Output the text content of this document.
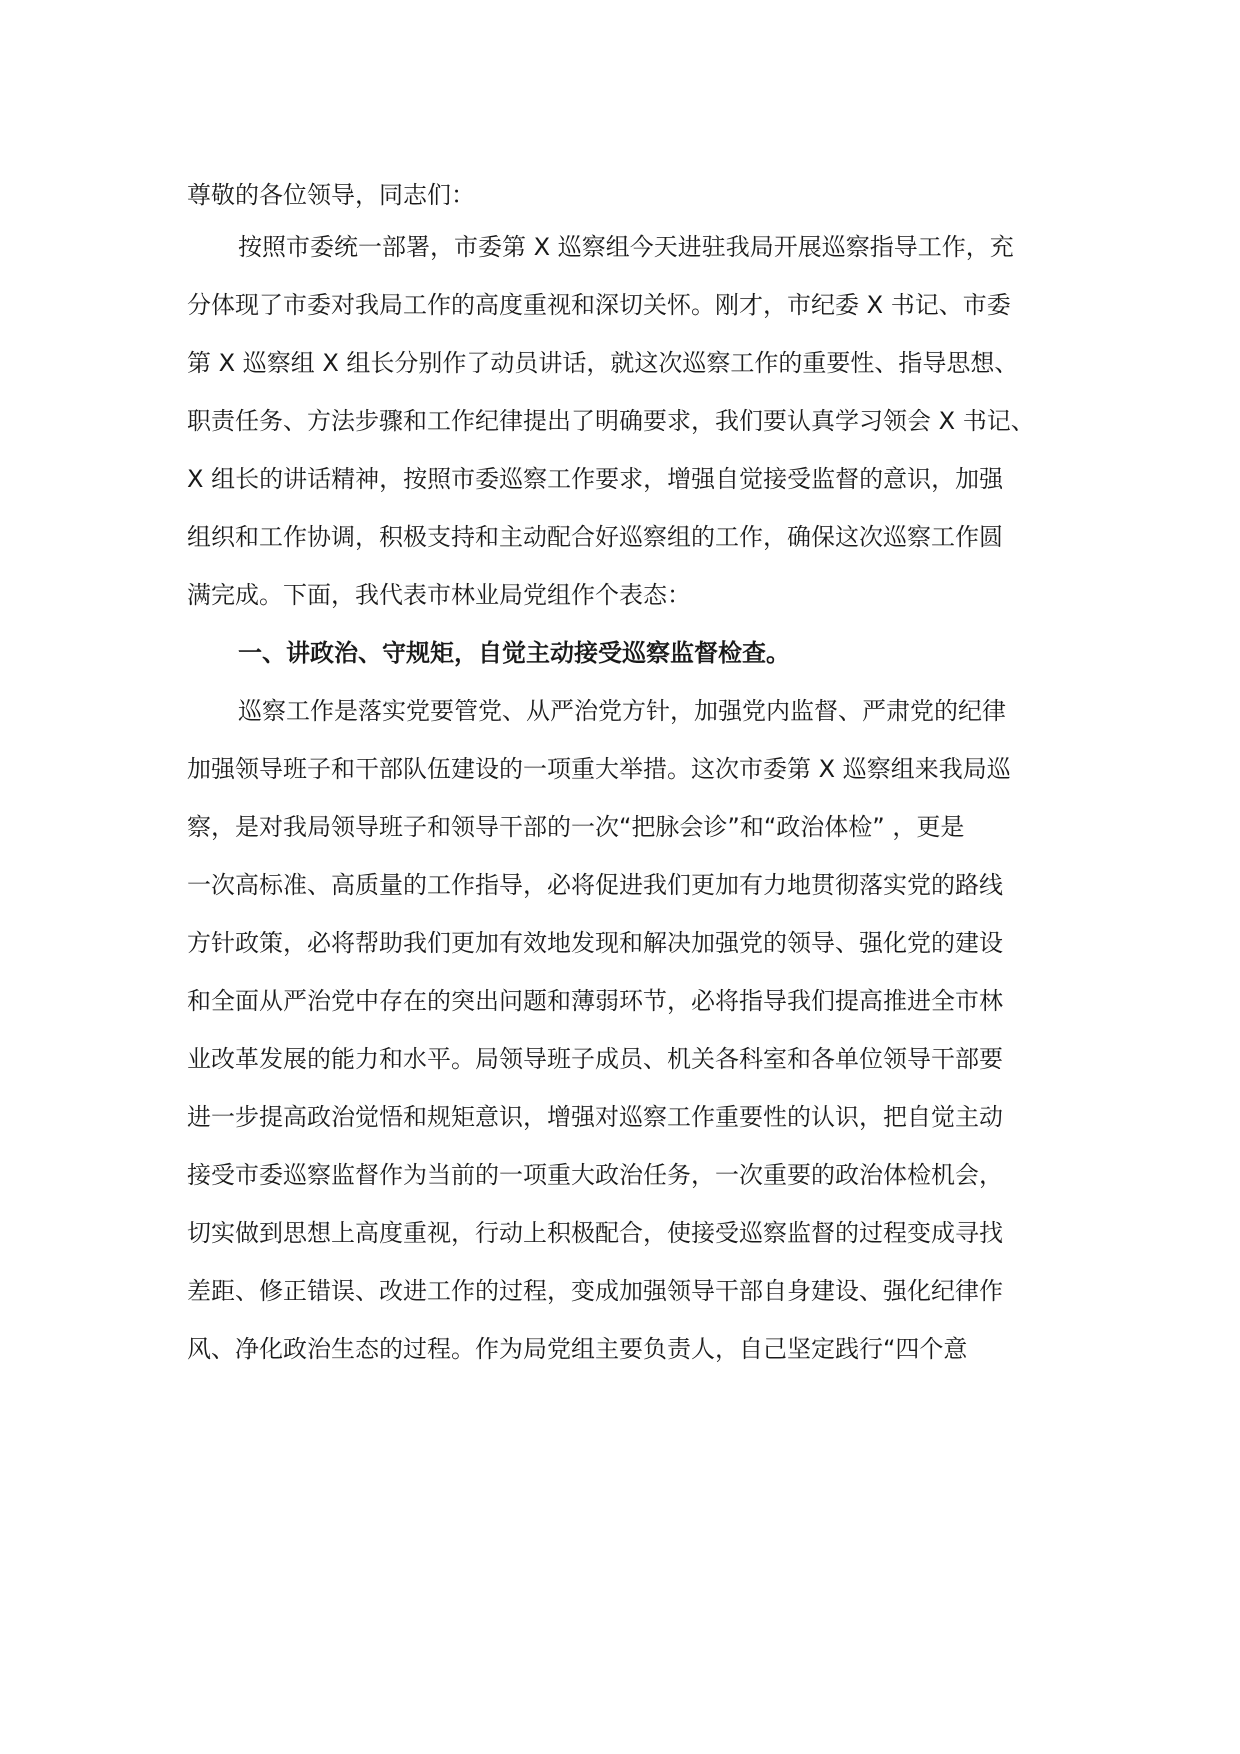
尊敬的各位领导，同志们：
按照市委统一部署，市委第 X 巡察组今天进驻我局开展巡察指导工作，充
分体现了市委对我局工作的高度重视和深切关怀。刚才，市纪委 X 书记、市委
第 X 巡察组 X 组长分别作了动员讲话，就这次巡察工作的重要性、指导思想、
职责任务、方法步骤和工作纪律提出了明确要求，我们要认真学习领会 X 书记、
X 组长的讲话精神，按照市委巡察工作要求，增强自觉接受监督的意识，加强
组织和工作协调，积极支持和主动配合好巡察组的工作，确保这次巡察工作圆
满完成。下面，我代表市林业局党组作个表态：
一、讲政治、守规矩，自觉主动接受巡察监督检查。
巡察工作是落实党要管党、从严治党方针，加强党内监督、严肃党的纪律
加强领导班子和干部队伍建设的一项重大举措。这次市委第 X 巡察组来我局巡
察，是对我局领导班子和领导干部的一次“把脉会诊”和“政治体检” ，更是
一次高标准、高质量的工作指导，必将促进我们更加有力地贯彻落实党的路线
方针政策，必将帮助我们更加有效地发现和解决加强党的领导、强化党的建设
和全面从严治党中存在的突出问题和薄弱环节，必将指导我们提高推进全市林
业改革发展的能力和水平。局领导班子成员、机关各科室和各单位领导干部要
进一步提高政治觉悟和规矩意识，增强对巡察工作重要性的认识，把自觉主动
接受市委巡察监督作为当前的一项重大政治任务，一次重要的政治体检机会，
切实做到思想上高度重视，行动上积极配合，使接受巡察监督的过程变成寻找
差距、修正错误、改进工作的过程，变成加强领导干部自身建设、强化纪律作
风、净化政治生态的过程。作为局党组主要负责人，自己坚定践行“四个意
